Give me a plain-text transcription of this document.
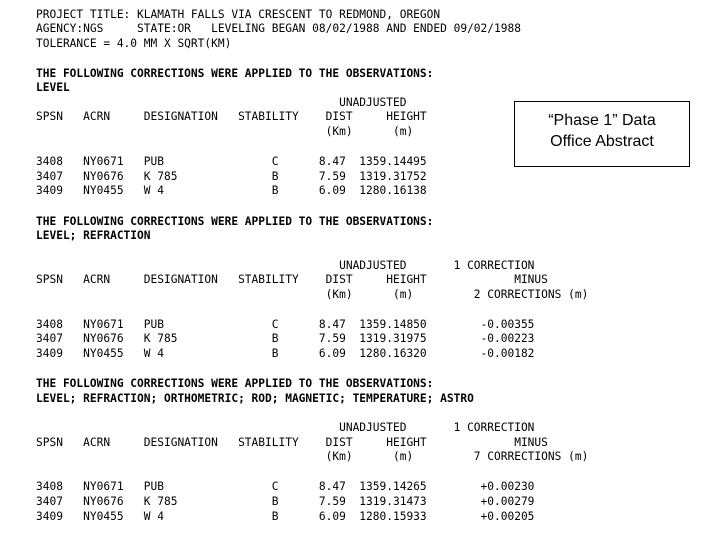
PROJECT TITLE: KLAMATH FALLS VIA CRESCENT TO REDMOND, OREGON
AGENCY:NGS     STATE:OR   LEVELING BEGAN 08/02/1988 AND ENDED 09/02/1988
TOLERANCE = 4.0 MM X SQRT(KM)
“Phase 1” Data
Office Abstract
THE FOLLOWING CORRECTIONS WERE APPLIED TO THE OBSERVATIONS:
LEVEL
UNADJUSTED
SPSN   ACRN     DESIGNATION   STABILITY    DIST     HEIGHT
(Km)      (m)
3408   NY0671   PUB                C      8.47  1359.14495
3407   NY0676   K 785              B      7.59  1319.31752
3409   NY0455   W 4                B      6.09  1280.16138
THE FOLLOWING CORRECTIONS WERE APPLIED TO THE OBSERVATIONS:
LEVEL; REFRACTION
UNADJUSTED       1 CORRECTION
SPSN   ACRN     DESIGNATION   STABILITY    DIST     HEIGHT             MINUS
(Km)      (m)         2 CORRECTIONS (m)
3408   NY0671   PUB                C      8.47  1359.14850        -0.00355
3407   NY0676   K 785              B      7.59  1319.31975        -0.00223
3409   NY0455   W 4                B      6.09  1280.16320        -0.00182
THE FOLLOWING CORRECTIONS WERE APPLIED TO THE OBSERVATIONS:
LEVEL; REFRACTION; ORTHOMETRIC; ROD; MAGNETIC; TEMPERATURE; ASTRO
UNADJUSTED       1 CORRECTION
SPSN   ACRN     DESIGNATION   STABILITY    DIST     HEIGHT             MINUS
(Km)      (m)         7 CORRECTIONS (m)
3408   NY0671   PUB                C      8.47  1359.14265        +0.00230
3407   NY0676   K 785              B      7.59  1319.31473        +0.00279
3409   NY0455   W 4                B      6.09  1280.15933        +0.00205
